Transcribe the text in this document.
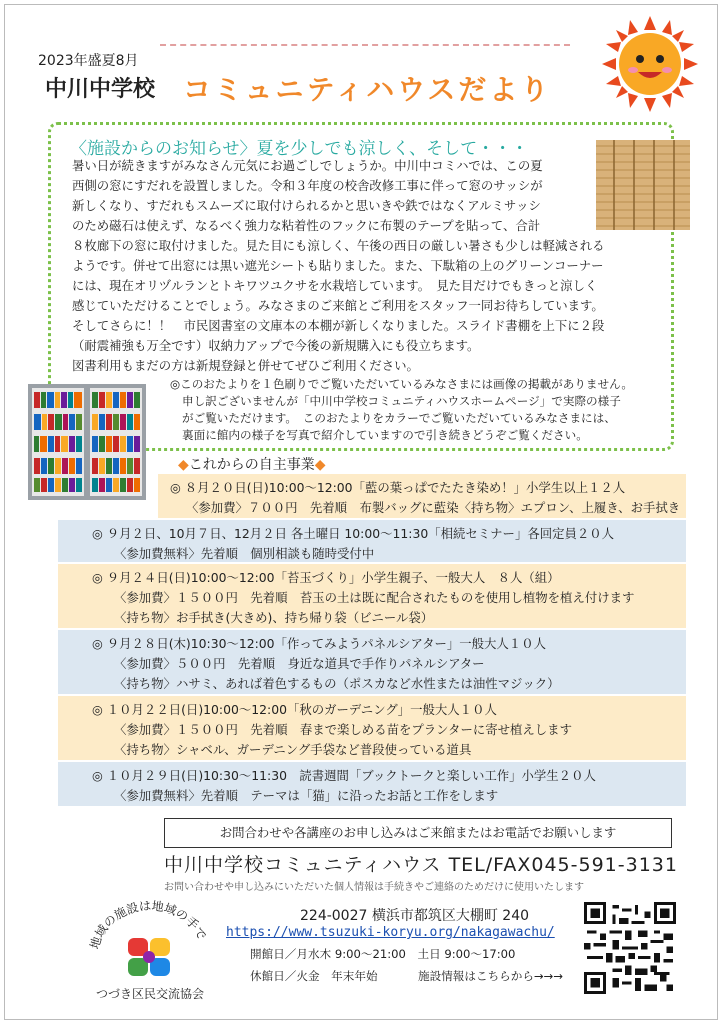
2023年盛夏8月
中川中学校 コミュニティハウスだより
〈施設からのお知らせ〉夏を少しでも涼しく、そして・・・
暑い日が続きますがみなさん元気にお過ごしでしょうか。中川中コミハでは、この夏
西側の窓にすだれを設置しました。令和３年度の校舎改修工事に伴って窓のサッシが
新しくなり、すだれもスムーズに取付けられるかと思いきや鉄ではなくアルミサッシ
のため磁石は使えず、なるべく強力な粘着性のフックに布製のテープを貼って、合計
８枚廊下の窓に取付けました。見た目にも涼しく、午後の西日の厳しい暑さも少しは軽減される
ようです。併せて出窓には黒い遮光シートも貼りました。また、下駄箱の上のグリーンコーナー
には、現在オリヅルランとトキワツユクサを水栽培しています。　見た目だけでもきっと涼しく
感じていただけることでしょう。みなさまのご来館とご利用をスタッフ一同お待ちしています。
そしてさらに！！　市民図書室の文庫本の本棚が新しくなりました。スライド書棚を上下に２段
（耐震補強も万全です）収納力アップで今後の新規購入にも役立ちます。
図書利用もまだの方は新規登録と併せてぜひご利用ください。
◎このおたよりを１色刷りでご覧いただいているみなさまには画像の掲載がありません。
申し訳ございませんが「中川中学校コミュニティハウスホームページ」で実際の様子
がご覧いただけます。　このおたよりをカラーでご覧いただいているみなさまには、
裏面に館内の様子を写真で紹介していますので引き続きどうぞご覧ください。
◆これからの自主事業◆
◎ ８月２０日(日)10:00～12:00「藍の葉っぱでたたき染め！」小学生以上１２人
〈参加費〉７００円　先着順　布製バッグに藍染〈持ち物〉エプロン、上履き、お手拭き
◎ ９月２日、10月７日、12月２日 各土曜日 10:00～11:30「相続セミナー」各回定員２０人
〈参加費無料〉先着順　個別相談も随時受付中
◎ ９月２４日(日)10:00～12:00「苔玉づくり」小学生親子、一般大人　８人（組）
〈参加費〉１５００円　先着順　苔玉の土は既に配合されたものを使用し植物を植え付けます
〈持ち物〉お手拭き(大きめ)、持ち帰り袋（ビニール袋）
◎ ９月２８日(木)10:30～12:00「作ってみようパネルシアター」一般大人１０人
〈参加費〉５００円　先着順　身近な道具で手作りパネルシアター
〈持ち物〉ハサミ、あれば着色するもの（ポスカなど水性または油性マジック）
◎ １０月２２日(日)10:00～12:00「秋のガーデニング」一般大人１０人
〈参加費〉１５００円　先着順　春まで楽しめる苗をプランターに寄せ植えします
〈持ち物〉シャベル、ガーデニング手袋など普段使っている道具
◎ １０月２９日(日)10:30～11:30　読書週間「ブックトークと楽しい工作」小学生２０人
〈参加費無料〉先着順　テーマは「猫」に沿ったお話と工作をします
お問合わせや各講座のお申し込みはご来館またはお電話でお願いします
中川中学校コミュニティハウス TEL/FAX045-591-3131
お問い合わせや申し込みにいただいた個人情報は手続きやご連絡のためだけに使用いたします
224-0027 横浜市都筑区大棚町 240
https://www.tsuzuki-koryu.org/nakagawachu/
開館日／月水木 9:00～21:00　土日 9:00～17:00
休館日／火金　年末年始	施設情報はこちらから→→→
地域の施設は地域の手で
つづき区民交流協会
